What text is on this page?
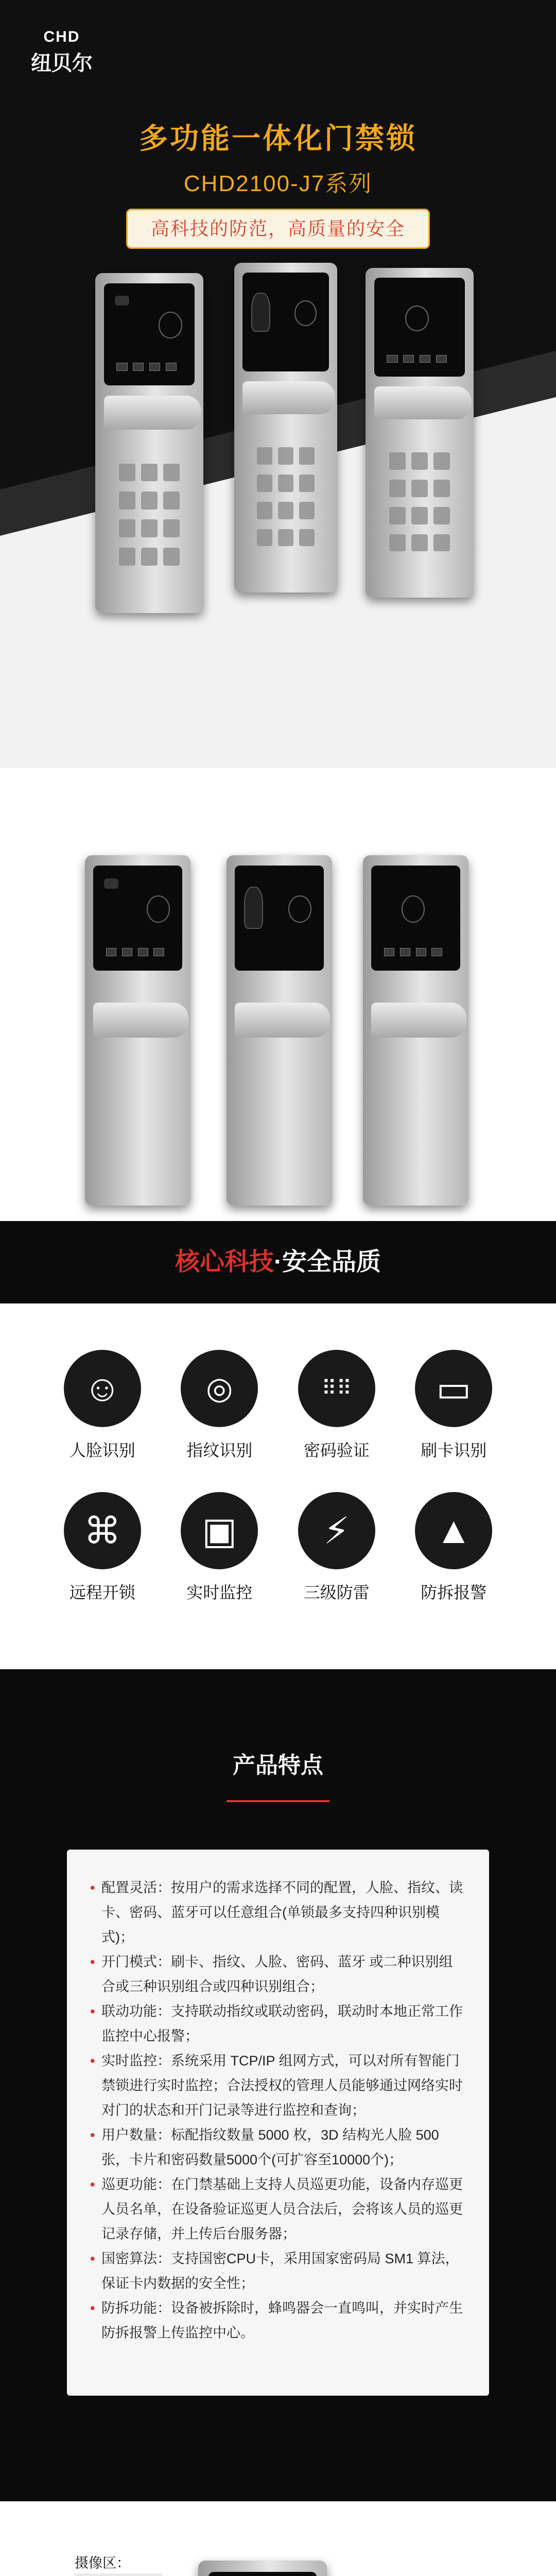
CHD
纽贝尔
多功能一体化门禁锁
CHD2100-J7系列
高科技的防范，高质量的安全
核心科技·安全品质
☺
人脸识别
◎
指纹识别
⠿⠿
密码验证
▭
刷卡识别
⌘
远程开锁
▣
实时监控
⚡
三级防雷
▲
防拆报警
产品特点
• 配置灵活：按用户的需求选择不同的配置，人脸、指纹、读卡、密码、蓝牙可以任意组合(单锁最多支持四种识别模式)；
• 开门模式：刷卡、指纹、人脸、密码、蓝牙 或二种识别组合或三种识别组合或四种识别组合；
• 联动功能：支持联动指纹或联动密码，联动时本地正常工作监控中心报警；
• 实时监控：系统采用 TCP/IP 组网方式，可以对所有智能门禁锁进行实时监控；合法授权的管理人员能够通过网络实时对门的状态和开门记录等进行监控和查询；
• 用户数量：标配指纹数量 5000 枚，3D 结构光人脸 500 张，卡片和密码数量5000个(可扩容至10000个)；
• 巡更功能：在门禁基础上支持人员巡更功能，设备内存巡更人员名单，在设备验证巡更人员合法后，会将该人员的巡更记录存储，并上传后台服务器；
• 国密算法：支持国密CPU卡，采用国家密码局 SM1 算法，保证卡内数据的安全性；
• 防拆功能：设备被拆除时，蜂鸣器会一直鸣叫，并实时产生防拆报警上传监控中心。
摄像区：
